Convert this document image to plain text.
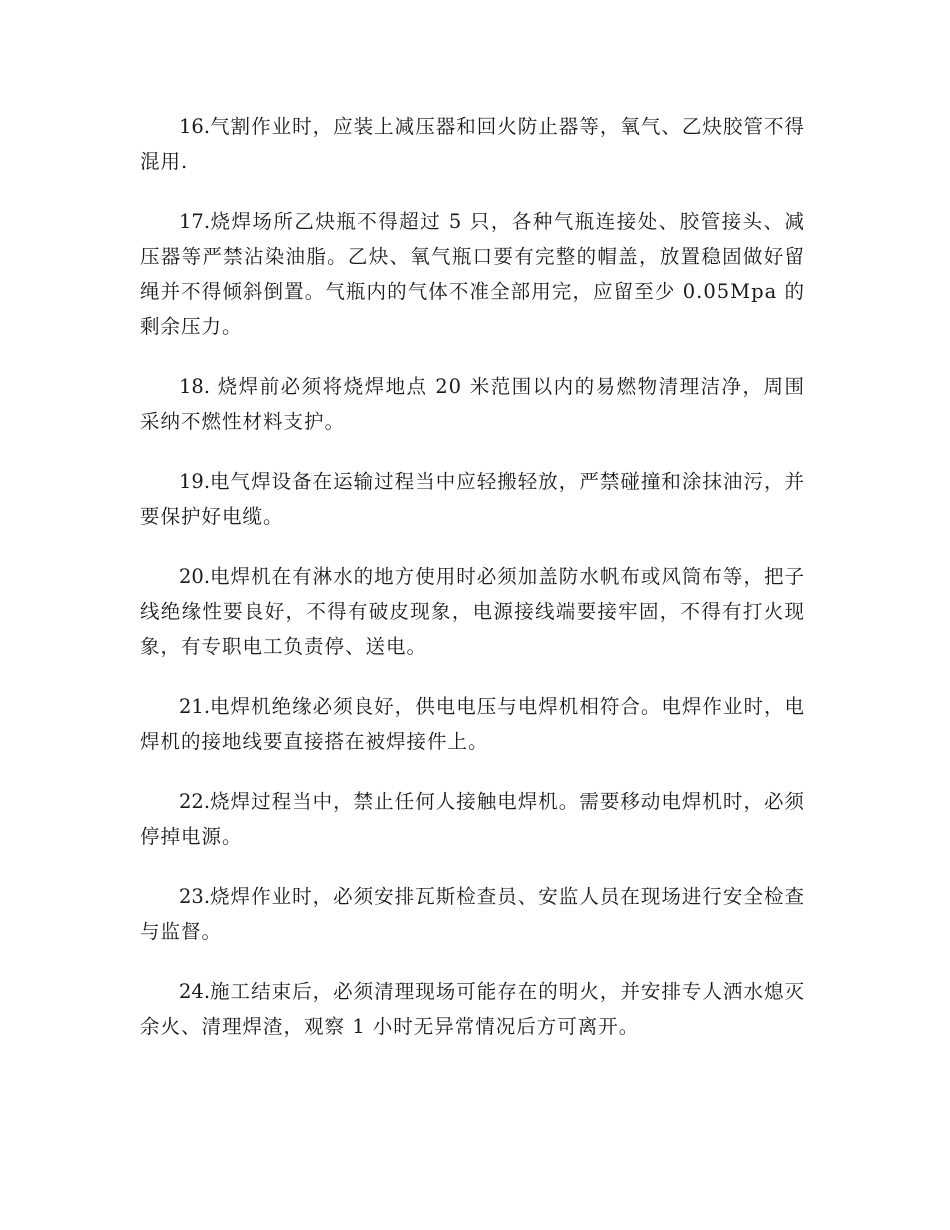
16.气割作业时，应装上减压器和回火防止器等，氧气、乙炔胶管不得混用.

17.烧焊场所乙炔瓶不得超过 5 只，各种气瓶连接处、胶管接头、减压器等严禁沾染油脂。乙炔、氧气瓶口要有完整的帽盖，放置稳固做好留绳并不得倾斜倒置。气瓶内的气体不准全部用完，应留至少 0.05Mpa 的剩余压力。

18. 烧焊前必须将烧焊地点 20 米范围以内的易燃物清理洁净，周围采纳不燃性材料支护。

19.电气焊设备在运输过程当中应轻搬轻放，严禁碰撞和涂抹油污，并要保护好电缆。

20.电焊机在有淋水的地方使用时必须加盖防水帆布或风筒布等，把子线绝缘性要良好，不得有破皮现象，电源接线端要接牢固，不得有打火现象，有专职电工负责停、送电。

21.电焊机绝缘必须良好，供电电压与电焊机相符合。电焊作业时，电焊机的接地线要直接搭在被焊接件上。

22.烧焊过程当中，禁止任何人接触电焊机。需要移动电焊机时，必须停掉电源。

23.烧焊作业时，必须安排瓦斯检查员、安监人员在现场进行安全检查与监督。

24.施工结束后，必须清理现场可能存在的明火，并安排专人洒水熄灭余火、清理焊渣，观察 1 小时无异常情况后方可离开。
